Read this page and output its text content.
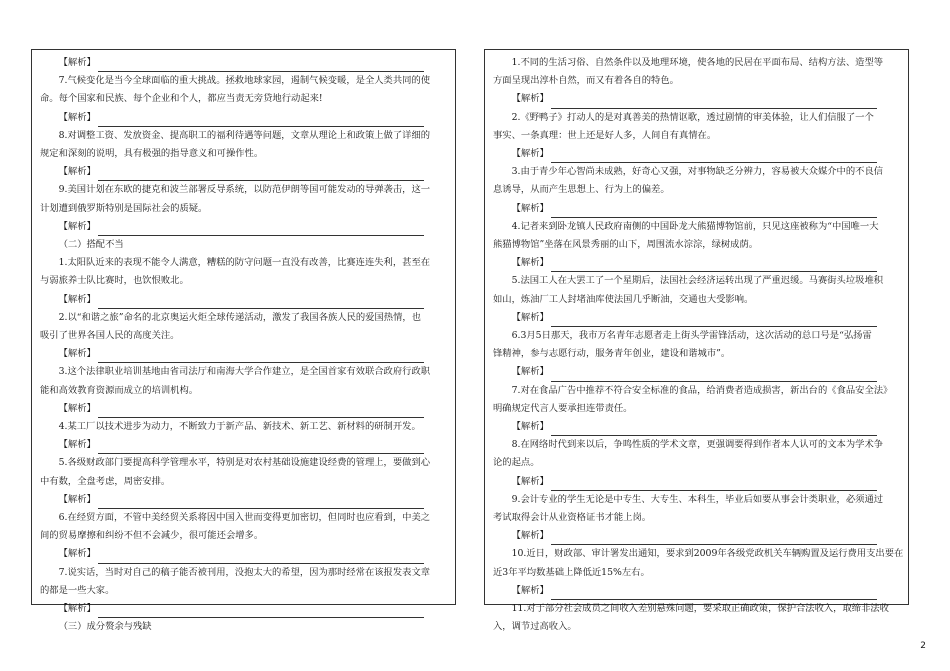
【解析】
7.气候变化是当今全球面临的重大挑战。拯救地球家园，遏制气候变暖，是全人类共同的使
命。每个国家和民族、每个企业和个人，都应当责无旁贷地行动起来!
【解析】
8.对调整工资、发放资金、提高职工的福利待遇等问题，文章从理论上和政策上做了详细的
规定和深刻的说明，具有极强的指导意义和可操作性。
【解析】
9.美国计划在东欧的捷克和波兰部署反导系统，以防范伊朗等国可能发动的导弹袭击，这一
计划遭到俄罗斯特别是国际社会的质疑。
【解析】
（二）搭配不当
1.太阳队近来的表现不能令人满意，糟糕的防守问题一直没有改善，比赛连连失利，甚至在
与弱旅养士队比赛时，也饮恨败北。
【解析】
2.以“和谐之旅”命名的北京奥运火炬全球传递活动，激发了我国各族人民的爱国热情，也
吸引了世界各国人民的高度关注。
【解析】
3.这个法律职业培训基地由省司法厅和南海大学合作建立，是全国首家有效联合政府行政职
能和高效教育资源而成立的培训机构。
【解析】
4.某工厂以技术进步为动力，不断致力于新产品、新技术、新工艺、新材料的研制开发。
【解析】
5.各级财政部门要提高科学管理水平，特别是对农村基础设施建设经费的管理上，要做到心
中有数，全盘考虑，周密安排。
【解析】
6.在经贸方面，不管中美经贸关系将因中国入世而变得更加密切，但同时也应看到，中美之
间的贸易摩擦和纠纷不但不会减少，很可能还会增多。
【解析】
7.说实话，当时对自己的稿子能否被刊用，没抱太大的希望，因为那时经常在该报发表文章
的都是一些大家。
【解析】
（三）成分赘余与残缺
1.不同的生活习俗、自然条件以及地理环境，使各地的民居在平面布局、结构方法、造型等
方面呈现出淳朴自然，而又有着各自的特色。
【解析】
2.《野鸭子》打动人的是对真善美的热情讴歌，透过剧情的审美体验，让人们信服了一个
事实、一条真理：世上还是好人多，人间自有真情在。
【解析】
3.由于青少年心智尚未成熟，好奇心又强，对事物缺乏分辨力，容易被大众媒介中的不良信
息诱导，从而产生思想上、行为上的偏差。
【解析】
4.记者来到卧龙镇人民政府南侧的中国卧龙大熊猫博物馆前，只见这座被称为“中国唯一大
熊猫博物馆”坐落在风景秀丽的山下，周围流水淙淙，绿树成荫。
【解析】
5.法国工人在大罢工了一个星期后，法国社会经济运转出现了严重迟缓。马赛街头垃圾堆积
如山，炼油厂工人封堵油库使法国几乎断油，交通也大受影响。
【解析】
6.3月5日那天，我市万名青年志愿者走上街头学雷锋活动，这次活动的总口号是“弘扬雷
锋精神，参与志愿行动，服务青年创业，建设和谐城市”。
【解析】
7.对在食品广告中推荐不符合安全标准的食品，给消费者造成损害，新出台的《食品安全法》
明确规定代言人要承担连带责任。
【解析】
8.在网络时代到来以后，争鸣性质的学术文章，更强调要得到作者本人认可的文本为学术争
论的起点。
【解析】
9.会计专业的学生无论是中专生、大专生、本科生，毕业后如要从事会计类职业，必须通过
考试取得会计从业资格证书才能上岗。
【解析】
10.近日，财政部、审计署发出通知，要求到2009年各级党政机关车辆购置及运行费用支出要在
近3年平均数基础上降低近15%左右。
【解析】
11.对于部分社会成员之间收入差别悬殊问题，要采取正确政策，保护合法收入，取缔非法收
入，调节过高收入。
2
